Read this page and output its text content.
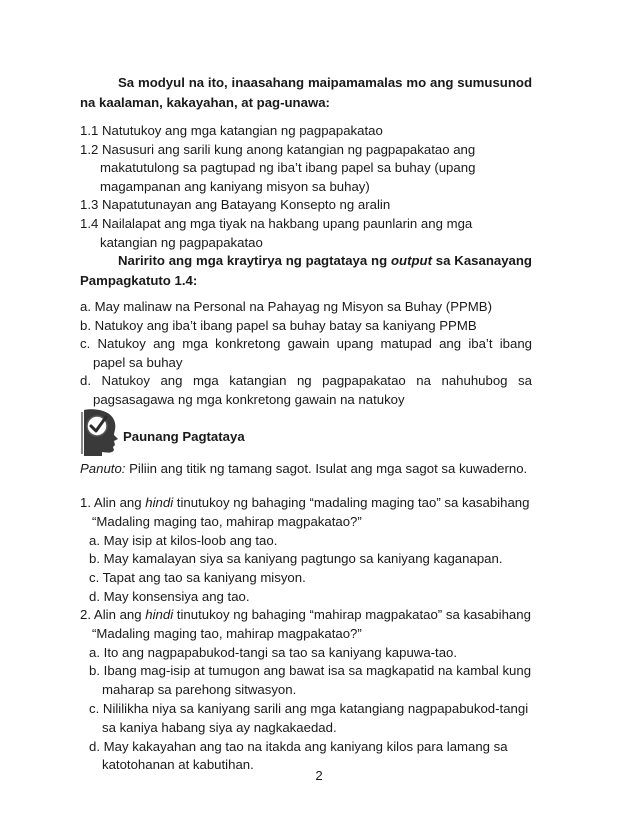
Sa modyul na ito, inaasahang maipamamalas mo ang sumusunod na kaalaman, kakayahan, at pag-unawa:
1.1 Natutukoy ang mga katangian ng pagpapakatao
1.2 Nasusuri ang sarili kung anong katangian ng pagpapakatao ang makatutulong sa pagtupad ng iba’t ibang papel sa buhay (upang magampanan ang kaniyang misyon sa buhay)
1.3 Napatutunayan ang Batayang Konsepto ng aralin
1.4 Nailalapat ang mga tiyak na hakbang upang paunlarin ang mga katangian ng pagpapakatao
Naririto ang mga kraytirya ng pagtataya ng output sa Kasanayang Pampagkatuto 1.4:
a. May malinaw na Personal na Pahayag ng Misyon sa Buhay (PPMB)
b. Natukoy ang iba’t ibang papel sa buhay batay sa kaniyang PPMB
c. Natukoy ang mga konkretong gawain upang matupad ang iba’t ibang papel sa buhay
d. Natukoy ang mga katangian ng pagpapakatao na nahuhubog sa pagsasagawa ng mga konkretong gawain na natukoy
Paunang Pagtataya
Panuto: Piliin ang titik ng tamang sagot. Isulat ang mga sagot sa kuwaderno.
1. Alin ang hindi tinutukoy ng bahaging “madaling maging tao” sa kasabihang “Madaling maging tao, mahirap magpakatao?”
a. May isip at kilos-loob ang tao.
b. May kamalayan siya sa kaniyang pagtungo sa kaniyang kaganapan.
c. Tapat ang tao sa kaniyang misyon.
d. May konsensiya ang tao.
2. Alin ang hindi tinutukoy ng bahaging “mahirap magpakatao” sa kasabihang “Madaling maging tao, mahirap magpakatao?”
a. Ito ang nagpapabukod-tangi sa tao sa kaniyang kapuwa-tao.
b. Ibang mag-isip at tumugon ang bawat isa sa magkapatid na kambal kung maharap sa parehong sitwasyon.
c. Nililikha niya sa kaniyang sarili ang mga katangiang nagpapabukod-tangi sa kaniya habang siya ay nagkakaedad.
d. May kakayahan ang tao na itakda ang kaniyang kilos para lamang sa katotohanan at kabutihan.
2
